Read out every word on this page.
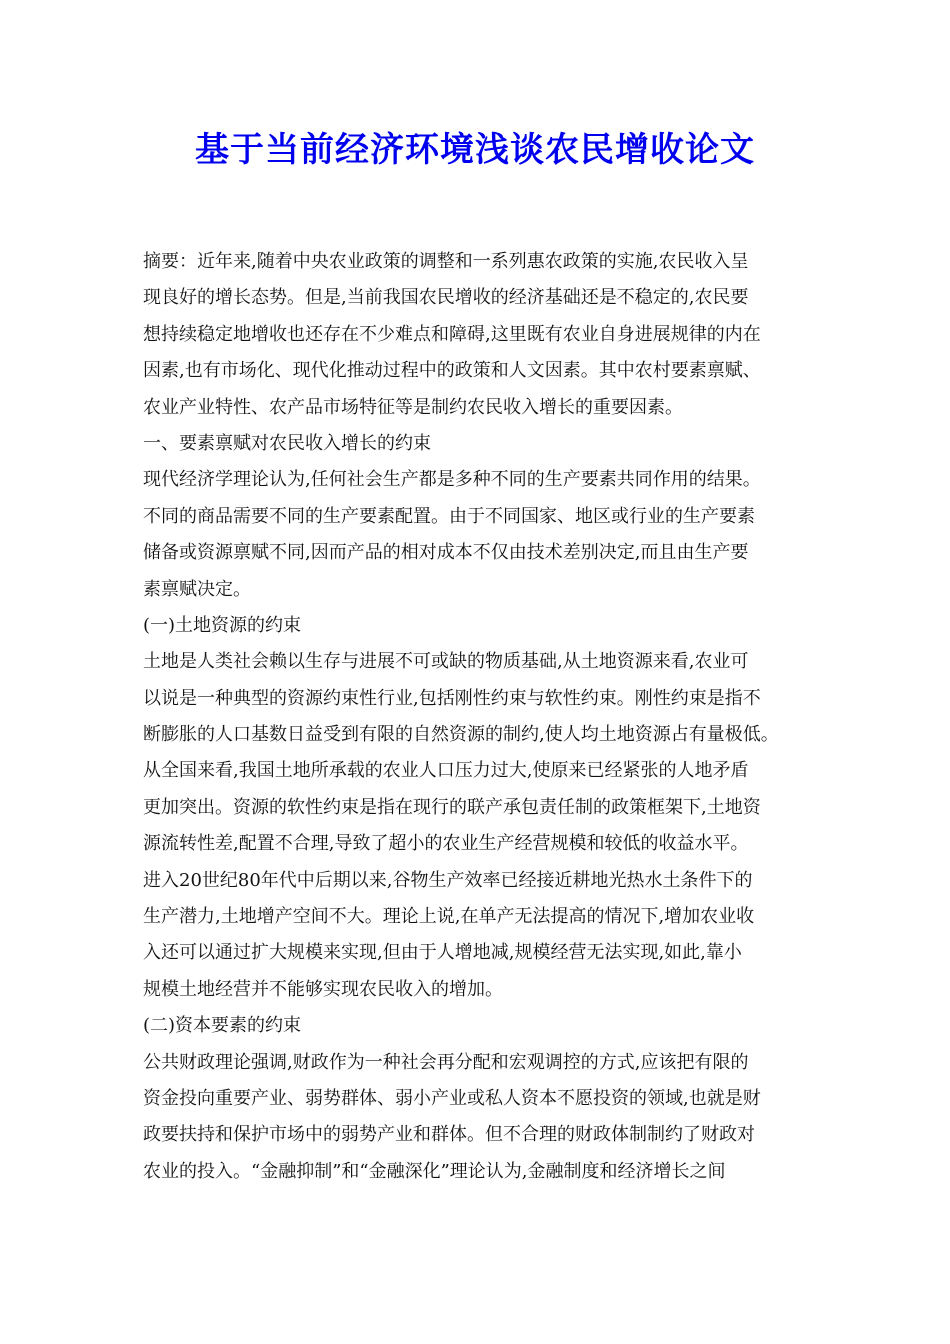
基于当前经济环境浅谈农民增收论文
摘要：近年来,随着中央农业政策的调整和一系列惠农政策的实施,农民收入呈
现良好的增长态势。但是,当前我国农民增收的经济基础还是不稳定的,农民要
想持续稳定地增收也还存在不少难点和障碍,这里既有农业自身进展规律的内在
因素,也有市场化、现代化推动过程中的政策和人文因素。其中农村要素禀赋、
农业产业特性、农产品市场特征等是制约农民收入增长的重要因素。
一、要素禀赋对农民收入增长的约束
现代经济学理论认为,任何社会生产都是多种不同的生产要素共同作用的结果。
不同的商品需要不同的生产要素配置。由于不同国家、地区或行业的生产要素
储备或资源禀赋不同,因而产品的相对成本不仅由技术差别决定,而且由生产要
素禀赋决定。
(一)土地资源的约束
土地是人类社会赖以生存与进展不可或缺的物质基础,从土地资源来看,农业可
以说是一种典型的资源约束性行业,包括刚性约束与软性约束。刚性约束是指不
断膨胀的人口基数日益受到有限的自然资源的制约,使人均土地资源占有量极低。
从全国来看,我国土地所承载的农业人口压力过大,使原来已经紧张的人地矛盾
更加突出。资源的软性约束是指在现行的联产承包责任制的政策框架下,土地资
源流转性差,配置不合理,导致了超小的农业生产经营规模和较低的收益水平。
进入20世纪80年代中后期以来,谷物生产效率已经接近耕地光热水土条件下的
生产潜力,土地增产空间不大。理论上说,在单产无法提高的情况下,增加农业收
入还可以通过扩大规模来实现,但由于人增地减,规模经营无法实现,如此,靠小
规模土地经营并不能够实现农民收入的增加。
(二)资本要素的约束
公共财政理论强调,财政作为一种社会再分配和宏观调控的方式,应该把有限的
资金投向重要产业、弱势群体、弱小产业或私人资本不愿投资的领域,也就是财
政要扶持和保护市场中的弱势产业和群体。但不合理的财政体制制约了财政对
农业的投入。“金融抑制”和“金融深化”理论认为,金融制度和经济增长之间
